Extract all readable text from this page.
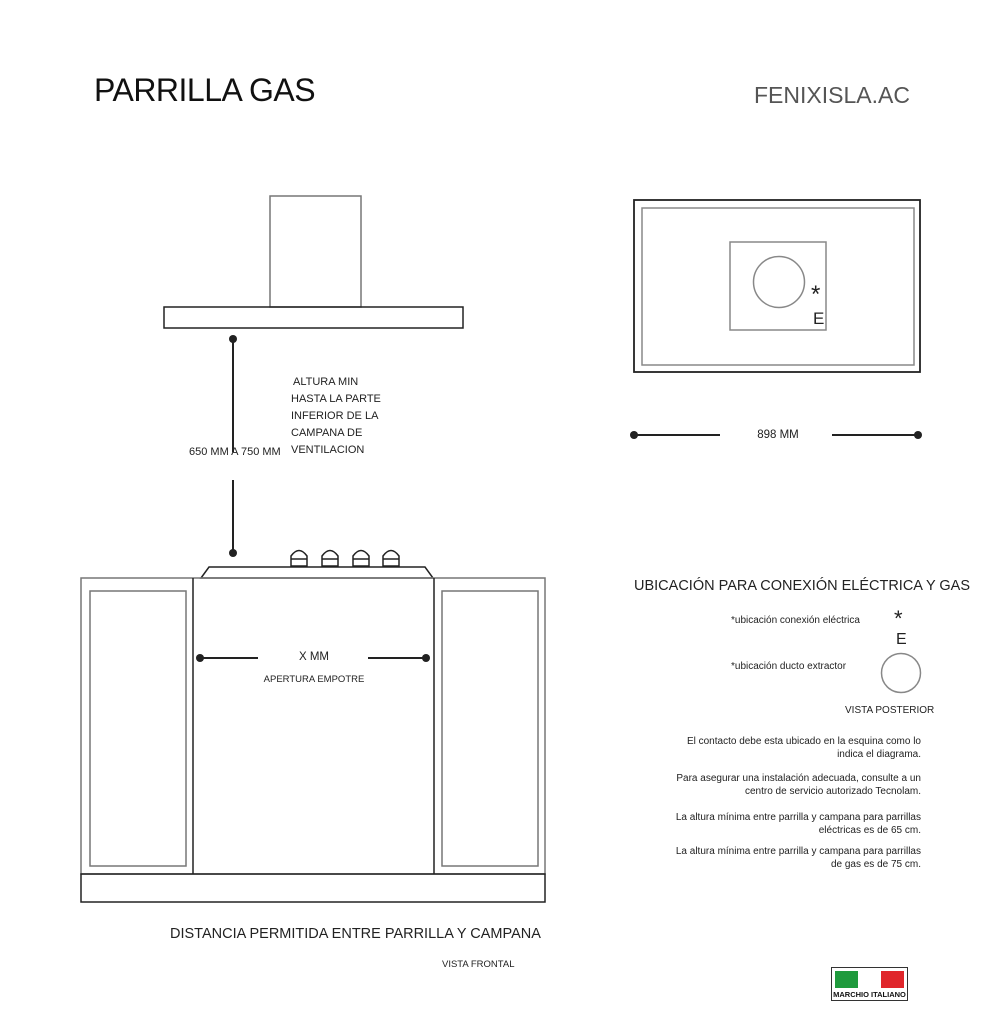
PARRILLA GAS	FENIXISLA.AC
*
E
ALTURA MIN
HASTA LA PARTE
INFERIOR DE LA
CAMPANA DE
VENTILACION
650 MM A 750 MM
X MM
APERTURA EMPOTRE
DISTANCIA PERMITIDA ENTRE PARRILLA Y CAMPANA
VISTA FRONTAL
898 MM
UBICACIÓN PARA CONEXIÓN ELÉCTRICA Y GAS
*ubicación conexión eléctrica *
E
*ubicación ducto extractor
VISTA POSTERIOR
El contacto debe esta ubicado en la esquina como lo
indica el diagrama.
Para asegurar una instalación adecuada, consulte a un
centro de servicio autorizado Tecnolam.
La altura mínima entre parrilla y campana para parrillas
eléctricas es de 65 cm.
La altura mínima entre parrilla y campana para parrillas
de gas es de 75 cm.
MARCHIO ITALIANO
